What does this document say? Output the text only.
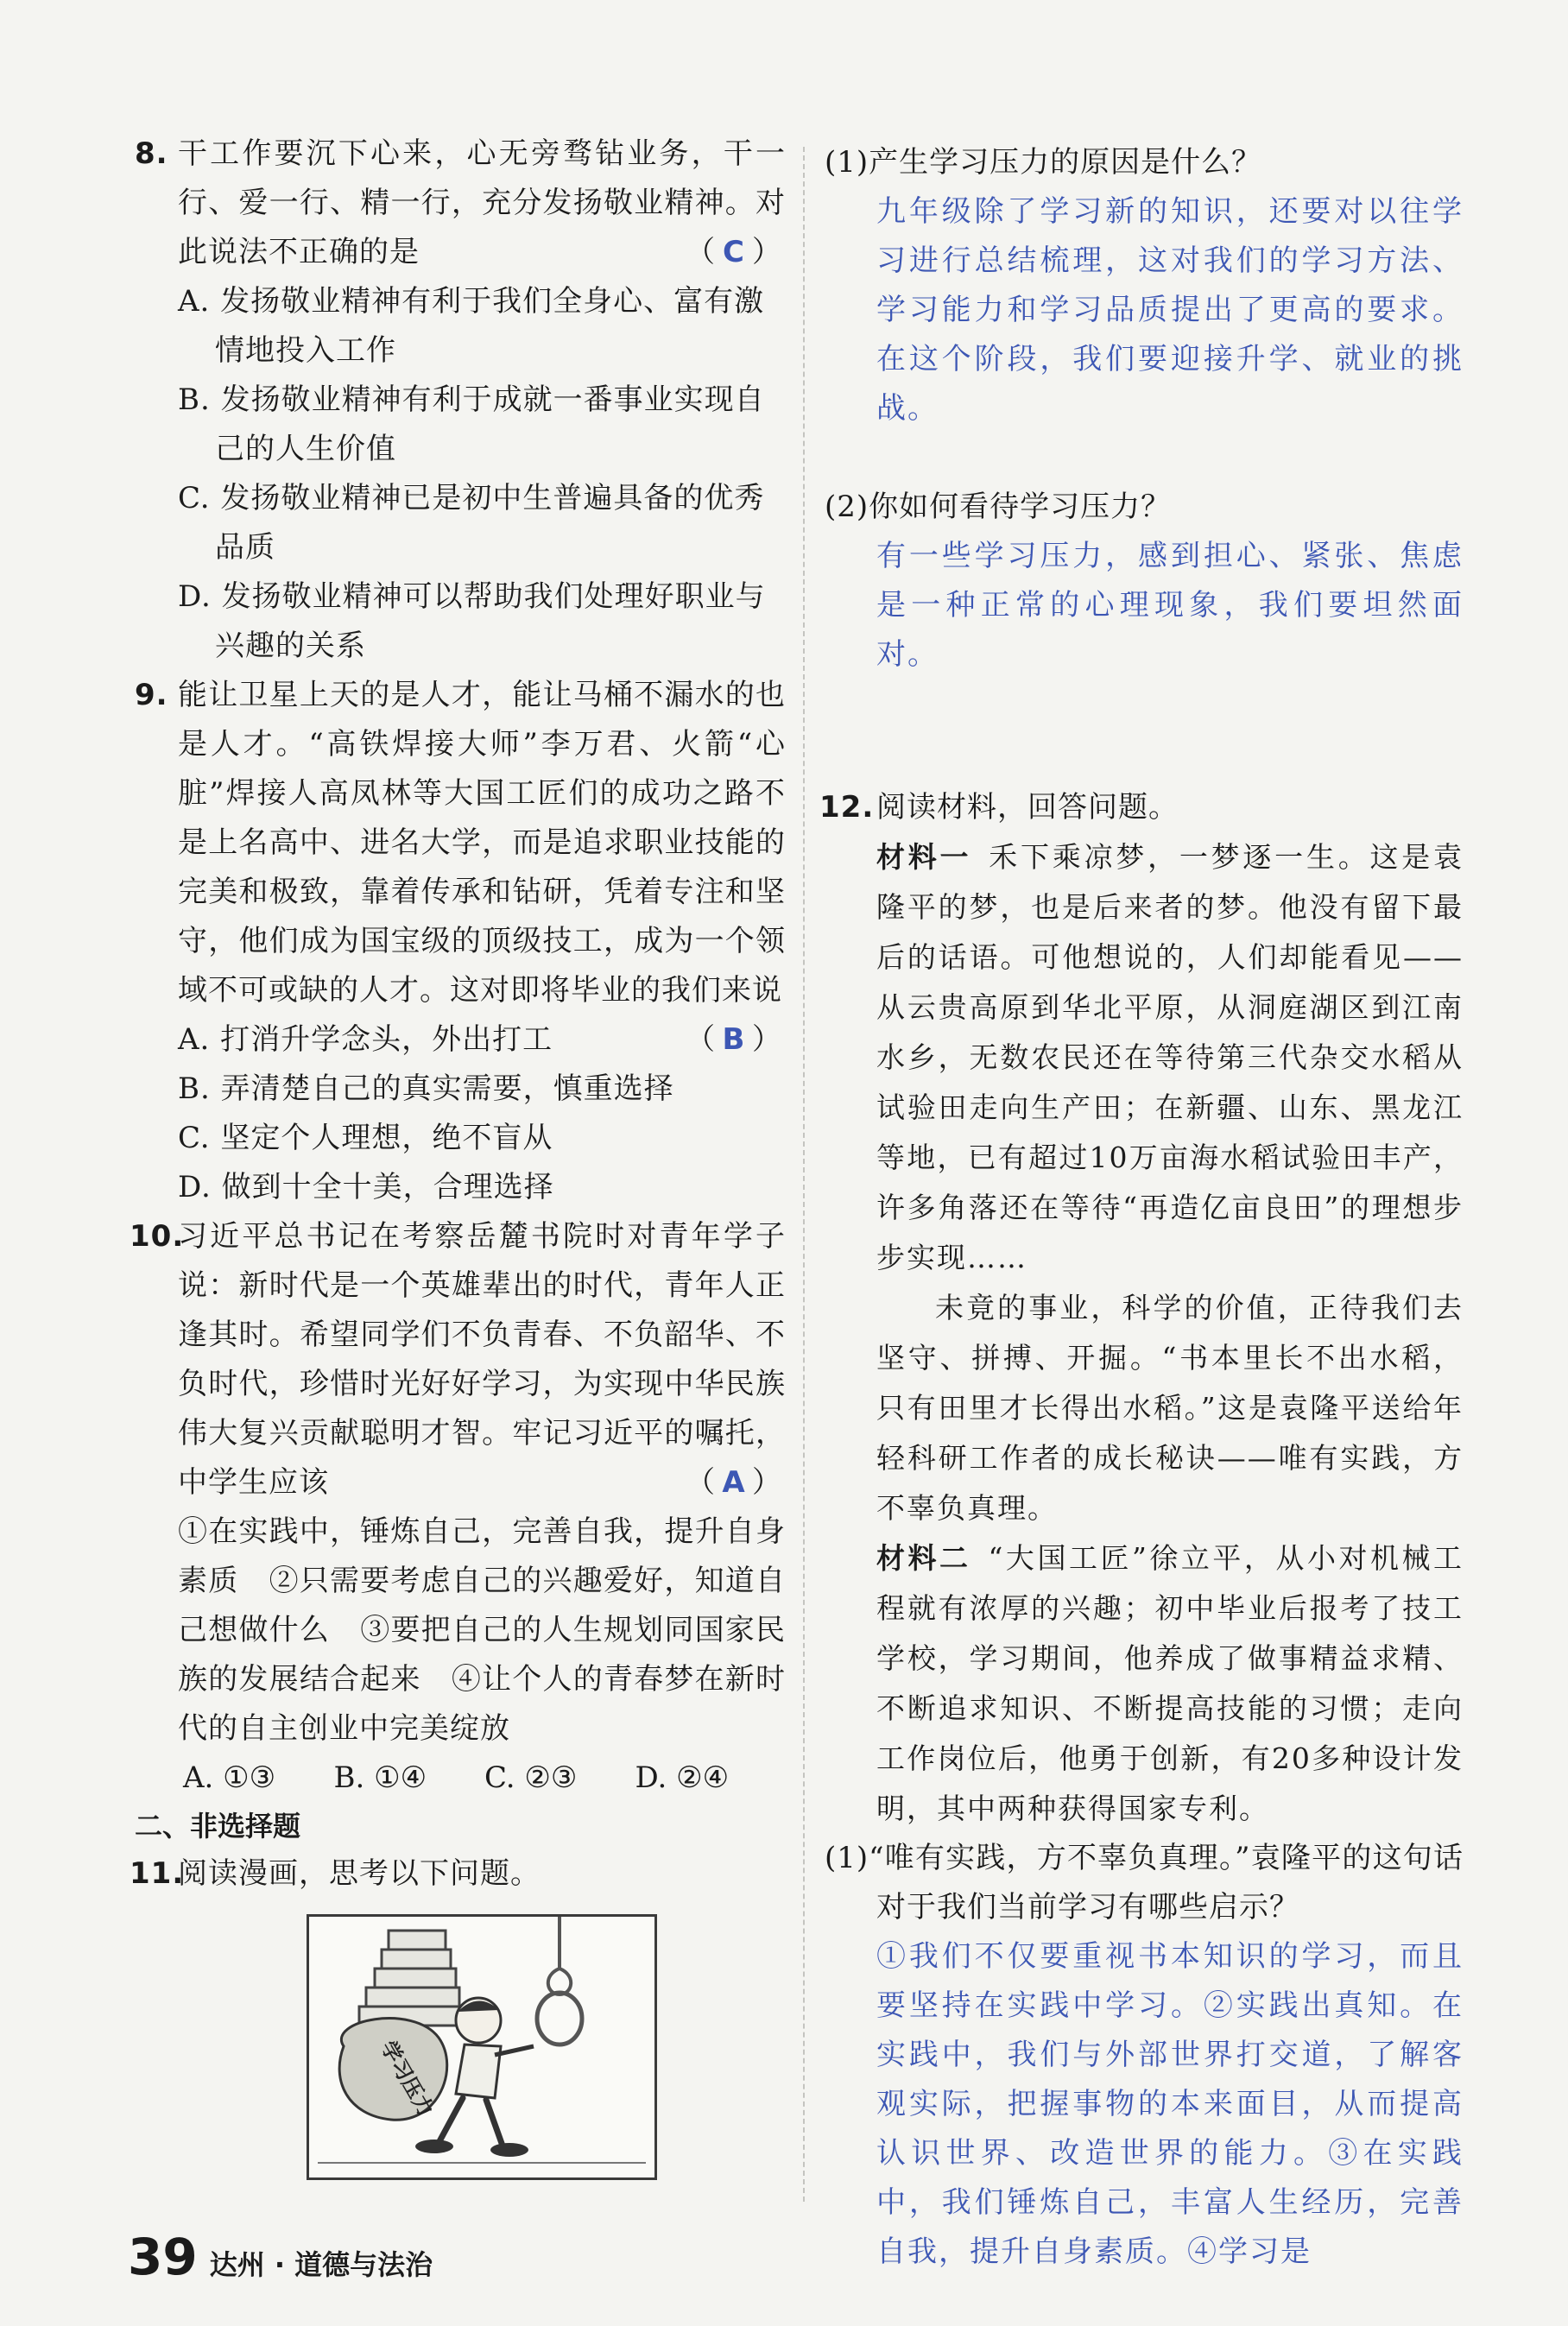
8. 干工作要沉下心来，心无旁骛钻业务，干一行、爱一行、精一行，充分发扬敬业精神。对此说法不正确的是	（ C ）

A. 发扬敬业精神有利于我们全身心、富有激情地投入工作

B. 发扬敬业精神有利于成就一番事业实现自己的人生价值

C. 发扬敬业精神已是初中生普遍具备的优秀品质

D. 发扬敬业精神可以帮助我们处理好职业与兴趣的关系

9. 能让卫星上天的是人才，能让马桶不漏水的也是人才。“高铁焊接大师”李万君、火箭“心脏”焊接人高凤林等大国工匠们的成功之路不是上名高中、进名大学，而是追求职业技能的完美和极致，靠着传承和钻研，凭着专注和坚守，他们成为国宝级的顶级技工，成为一个领域不可或缺的人才。这对即将毕业的我们来说
（ B ）

A. 打消升学念头，外出打工

B. 弄清楚自己的真实需要，慎重选择

C. 坚定个人理想，绝不盲从

D. 做到十全十美，合理选择

10.
习近平总书记在考察岳麓书院时对青年学子说：新时代是一个英雄辈出的时代，青年人正逢其时。希望同学们不负青春、不负韶华、不负时代，珍惜时光好好学习，为实现中华民族伟大复兴贡献聪明才智。牢记习近平的嘱托，中学生应该	（ A ）

①在实践中，锤炼自己，完善自我，提升自身素质　②只需要考虑自己的兴趣爱好，知道自己想做什么　③要把自己的人生规划同国家民族的发展结合起来　④让个人的青春梦在新时代的自主创业中完美绽放

A. ①③	B. ①④	C. ②③	D. ②④
二、非选择题
11.
阅读漫画，思考以下问题。
学习压力

(1)产生学习压力的原因是什么？

九年级除了学习新的知识，还要对以往学习进行总结梳理，这对我们的学习方法、学习能力和学习品质提出了更高的要求。在这个阶段，我们要迎接升学、就业的挑战。

(2)你如何看待学习压力？

有一些学习压力，感到担心、紧张、焦虑是一种正常的心理现象，我们要坦然面对。

12. 阅读材料，回答问题。

材料一 禾下乘凉梦，一梦逐一生。这是袁隆平的梦，也是后来者的梦。他没有留下最后的话语。可他想说的，人们却能看见——从云贵高原到华北平原，从洞庭湖区到江南水乡，无数农民还在等待第三代杂交水稻从试验田走向生产田；在新疆、山东、黑龙江等地，已有超过10万亩海水稻试验田丰产，许多角落还在等待“再造亿亩良田”的理想步步实现……

未竟的事业，科学的价值，正待我们去坚守、拼搏、开掘。“书本里长不出水稻，只有田里才长得出水稻。”这是袁隆平送给年轻科研工作者的成长秘诀——唯有实践，方不辜负真理。

材料二 “大国工匠”徐立平，从小对机械工程就有浓厚的兴趣；初中毕业后报考了技工学校，学习期间，他养成了做事精益求精、不断追求知识、不断提高技能的习惯；走向工作岗位后，他勇于创新，有20多种设计发明，其中两种获得国家专利。

(1)“唯有实践，方不辜负真理。”袁隆平的这句话对于我们当前学习有哪些启示？

①我们不仅要重视书本知识的学习，而且要坚持在实践中学习。②实践出真知。在实践中，我们与外部世界打交道，了解客观实际，把握事物的本来面目，从而提高认识世界、改造世界的能力。③在实践中，我们锤炼自己，丰富人生经历，完善自我，提升自身素质。④学习是

39 达州 · 道德与法治
